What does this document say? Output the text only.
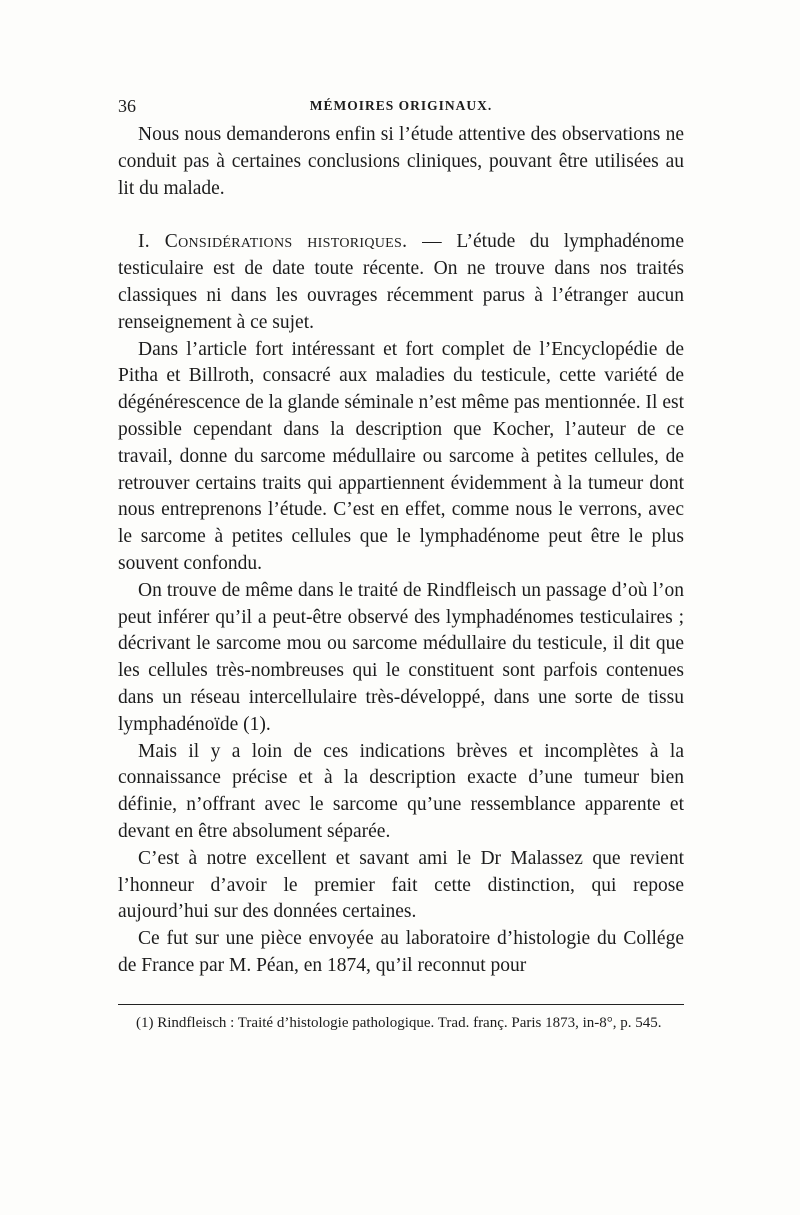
36	MÉMOIRES ORIGINAUX.

Nous nous demanderons enfin si l’étude attentive des observations ne conduit pas à certaines conclusions cliniques, pouvant être utilisées au lit du malade.

I. Considérations historiques. — L’étude du lymphadénome testiculaire est de date toute récente. On ne trouve dans nos traités classiques ni dans les ouvrages récemment parus à l’étranger aucun renseignement à ce sujet.

Dans l’article fort intéressant et fort complet de l’Encyclopédie de Pitha et Billroth, consacré aux maladies du testicule, cette variété de dégénérescence de la glande séminale n’est même pas mentionnée. Il est possible cependant dans la description que Kocher, l’auteur de ce travail, donne du sarcome médullaire ou sarcome à petites cellules, de retrouver certains traits qui appartiennent évidemment à la tumeur dont nous entreprenons l’étude. C’est en effet, comme nous le verrons, avec le sarcome à petites cellules que le lymphadénome peut être le plus souvent confondu.

On trouve de même dans le traité de Rindfleisch un passage d’où l’on peut inférer qu’il a peut-être observé des lymphadénomes testiculaires ; décrivant le sarcome mou ou sarcome médullaire du testicule, il dit que les cellules très-nombreuses qui le constituent sont parfois contenues dans un réseau intercellulaire très-développé, dans une sorte de tissu lymphadénoïde (1).

Mais il y a loin de ces indications brèves et incomplètes à la connaissance précise et à la description exacte d’une tumeur bien définie, n’offrant avec le sarcome qu’une ressemblance apparente et devant en être absolument séparée.

C’est à notre excellent et savant ami le Dr Malassez que revient l’honneur d’avoir le premier fait cette distinction, qui repose aujourd’hui sur des données certaines.

Ce fut sur une pièce envoyée au laboratoire d’histologie du Collége de France par M. Péan, en 1874, qu’il reconnut pour

(1) Rindfleisch : Traité d’histologie pathologique. Trad. franç. Paris 1873, in-8°, p. 545.
